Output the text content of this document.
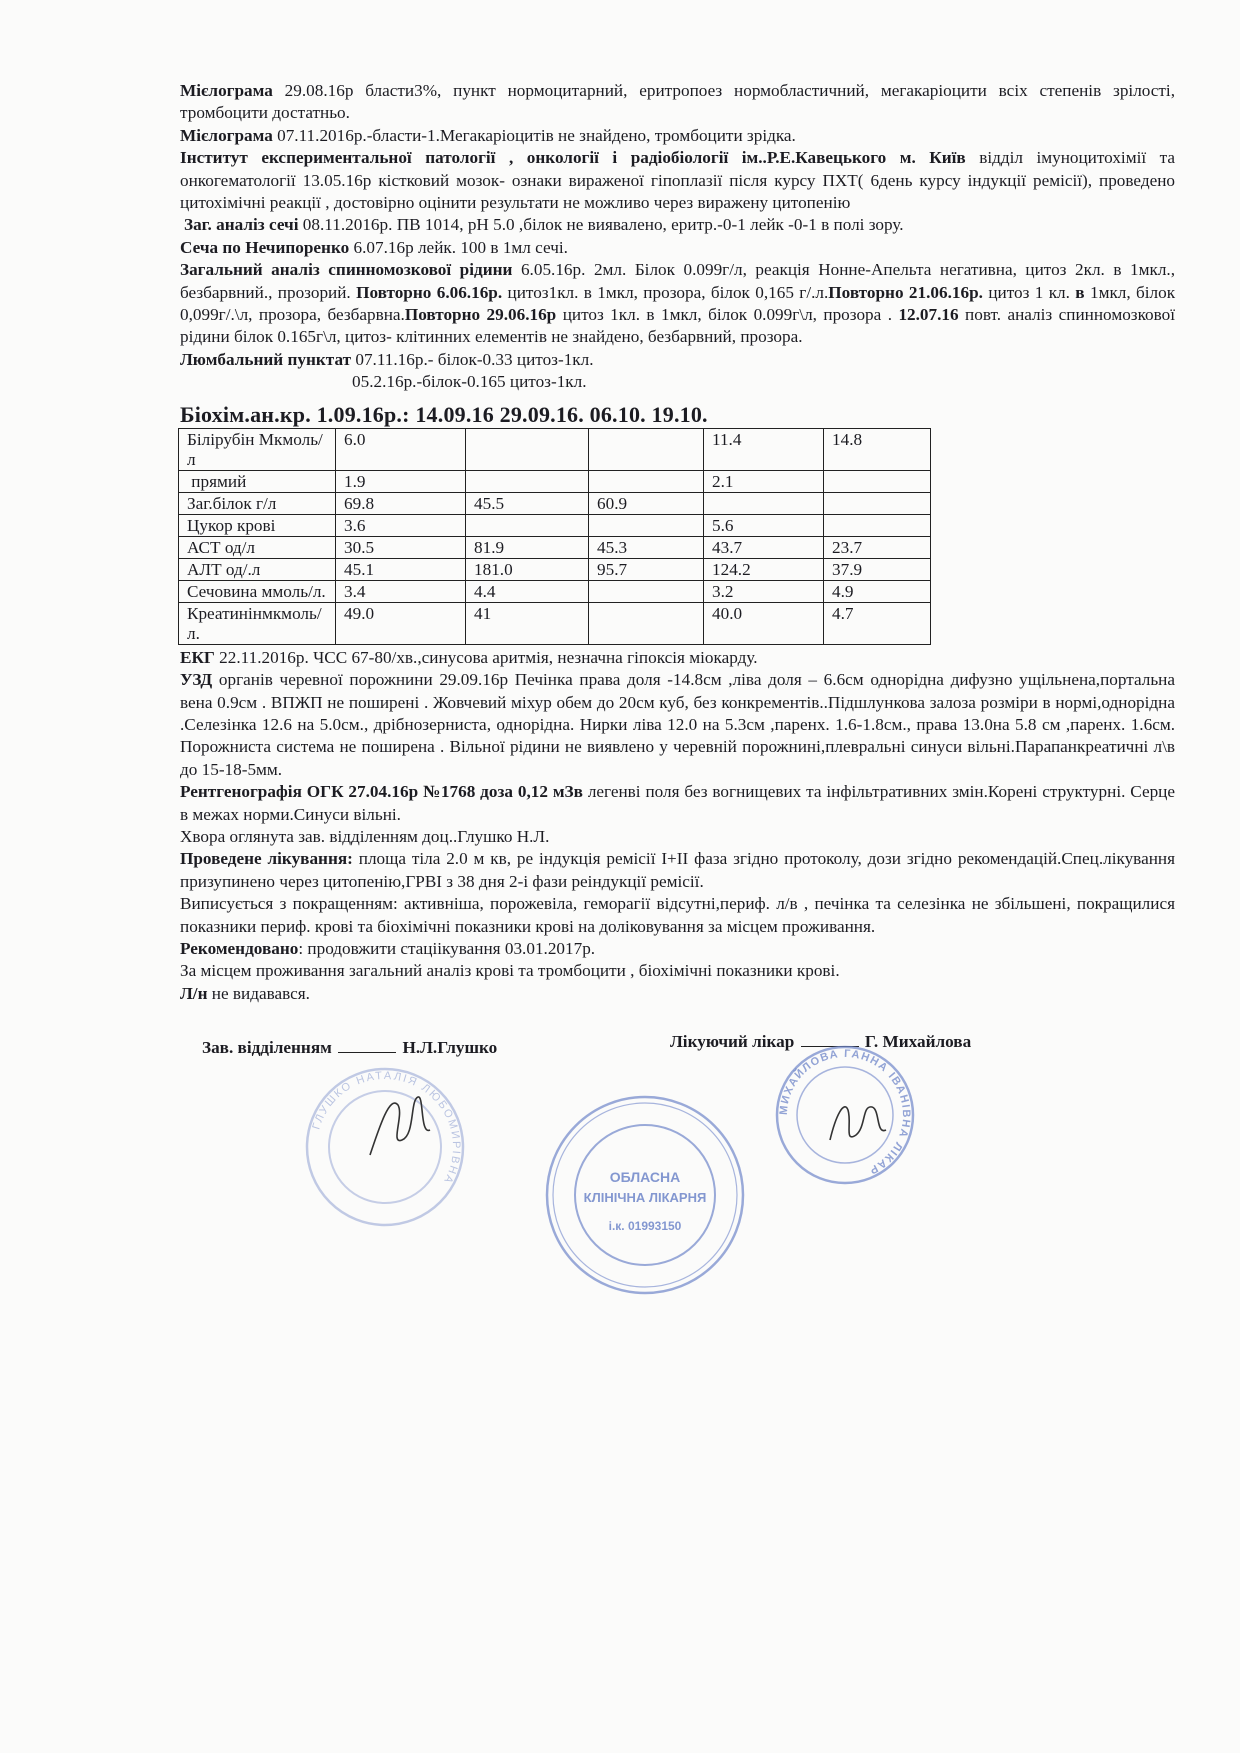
Мієлограма 29.08.16р бласти3%, пункт нормоцитарний, еритропоез нормобластичний, мегакаріоцити всіх степенів зрілості, тромбоцити достатньо.

Мієлограма 07.11.2016р.-бласти-1.Мегакаріоцитів не знайдено, тромбоцити зрідка.

Інститут експериментальної патології , онкології і радіобіології ім..Р.Е.Кавецького м. Київ відділ імуноцитохімії та онкогематології 13.05.16р кістковий мозок- ознаки вираженої гіпоплазії після курсу ПХТ( 6день курсу індукції ремісії), проведено цитохімічні реакції , достовірно оцінити результати не можливо через виражену цитопенію

Заг. аналіз сечі 08.11.2016р. ПВ 1014, pH 5.0 ,білок не виявалено, еритр.-0-1 лейк -0-1 в полі зору.

Сеча по Нечипоренко 6.07.16р лейк. 100 в 1мл сечі.

Загальний аналіз спинномозкової рідини 6.05.16р. 2мл. Білок 0.099г/л, реакція Нонне-Апельта негативна, цитоз 2кл. в 1мкл., безбарвний., прозорий. Повторно 6.06.16р. цитоз1кл. в 1мкл, прозора, білок 0,165 г/.л.Повторно 21.06.16р. цитоз 1 кл. в 1мкл, білок 0,099г/.\л, прозора, безбарвна.Повторно 29.06.16р цитоз 1кл. в 1мкл, білок 0.099г\л, прозора . 12.07.16 повт. аналіз спинномозкової рідини білок 0.165г\л, цитоз- клітинних елементів не знайдено, безбарвний, прозора.

Люмбальний пунктат 07.11.16р.- білок-0.33 цитоз-1кл.

05.2.16р.-білок-0.165 цитоз-1кл.

Біохім.ан.кр. 1.09.16р.: 14.09.16 29.09.16. 06.10. 19.10.

Білірубін Мкмоль/л	6.0			11.4	14.8
прямий	1.9			2.1	
Заг.білок г/л	69.8	45.5	60.9		
Цукор крові	3.6			5.6	
АСТ од/л	30.5	81.9	45.3	43.7	23.7
АЛТ од/.л	45.1	181.0	95.7	124.2	37.9
Сечовина ммоль/л.	3.4	4.4		3.2	4.9
Креатинінмкмоль/л.	49.0	41		40.0	4.7

ЕКГ 22.11.2016р. ЧСС 67-80/хв.,синусова аритмія, незначна гіпоксія міокарду.

УЗД органів черевної порожнини 29.09.16р Печінка права доля -14.8см ,ліва доля – 6.6см однорідна дифузно ущільнена,портальна вена 0.9см . ВПЖП не поширені . Жовчевий міхур обем до 20см куб, без конкрементів..Підшлункова залоза розміри в нормі,однорідна .Селезінка 12.6 на 5.0см., дрібнозерниста, однорідна. Нирки ліва 12.0 на 5.3см ,паренх. 1.6-1.8см., права 13.0на 5.8 см ,паренх. 1.6см. Порожниста система не поширена . Вільної рідини не виявлено у черевній порожнині,плевральні синуси вільні.Парапанкреатичні л\в до 15-18-5мм.

Рентгенографія ОГК 27.04.16р №1768 доза 0,12 мЗв легенві поля без вогнищевих та інфільтративних змін.Корені структурні. Серце в межах норми.Синуси вільні.

Хвора оглянута зав. відділенням доц..Глушко Н.Л.

Проведене лікування: площа тіла 2.0 м кв, ре індукція ремісії I+II фаза згідно протоколу, дози згідно рекомендацій.Спец.лікування призупинено через цитопенію,ГРВІ з 38 дня 2-і фази реіндукції ремісії.

Виписується з покращенням: активніша, порожевіла, геморагії відсутні,периф. л/в , печінка та селезінка не збільшені, покращилися показники периф. крові та біохімічні показники крові на доліковування за місцем проживання.

Рекомендовано: продовжити стаціікування 03.01.2017р.

За місцем проживання загальний аналіз крові та тромбоцити , біохімічні показники крові.

Л/н не видавався.

Зав. відділенням	Н.Л.Глушко	Лікуючий лікар	Г. Михайлова
ГЛУШКО НАТАЛІЯ ЛЮБОМИРІВНА	ОБЛАСНА
КЛІНІЧНА ЛІКАРНЯ
і.к. 01993150
МИХАЙЛОВА ГАННА ІВАНІВНА ЛІКАР
